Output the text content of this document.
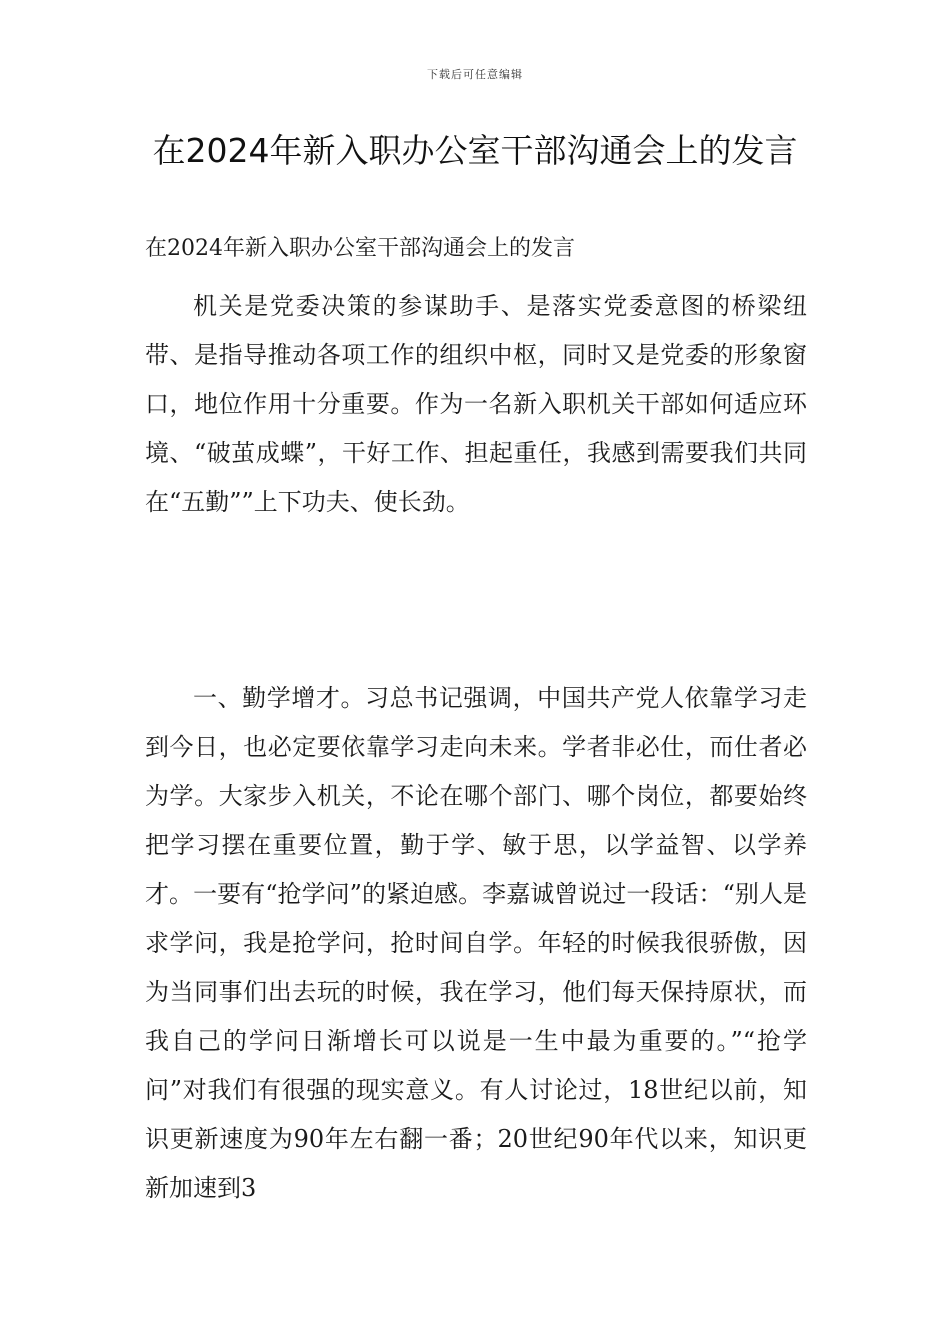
下载后可任意编辑
在2024年新入职办公室干部沟通会上的发言

在2024年新入职办公室干部沟通会上的发言

机关是党委决策的参谋助手、是落实党委意图的桥梁纽带、是指导推动各项工作的组织中枢，同时又是党委的形象窗口，地位作用十分重要。作为一名新入职机关干部如何适应环境、“破茧成蝶”，干好工作、担起重任，我感到需要我们共同在“五勤””上下功夫、使长劲。

一、勤学增才。习总书记强调，中国共产党人依靠学习走到今日，也必定要依靠学习走向未来。学者非必仕，而仕者必为学。大家步入机关，不论在哪个部门、哪个岗位，都要始终把学习摆在重要位置，勤于学、敏于思，以学益智、以学养才。一要有“抢学问”的紧迫感。李嘉诚曾说过一段话：“别人是求学问，我是抢学问，抢时间自学。年轻的时候我很骄傲，因为当同事们出去玩的时候，我在学习，他们每天保持原状，而我自己的学问日渐增长可以说是一生中最为重要的。”“抢学问”对我们有很强的现实意义。有人讨论过，18世纪以前，知识更新速度为90年左右翻一番；20世纪90年代以来，知识更新加速到3
